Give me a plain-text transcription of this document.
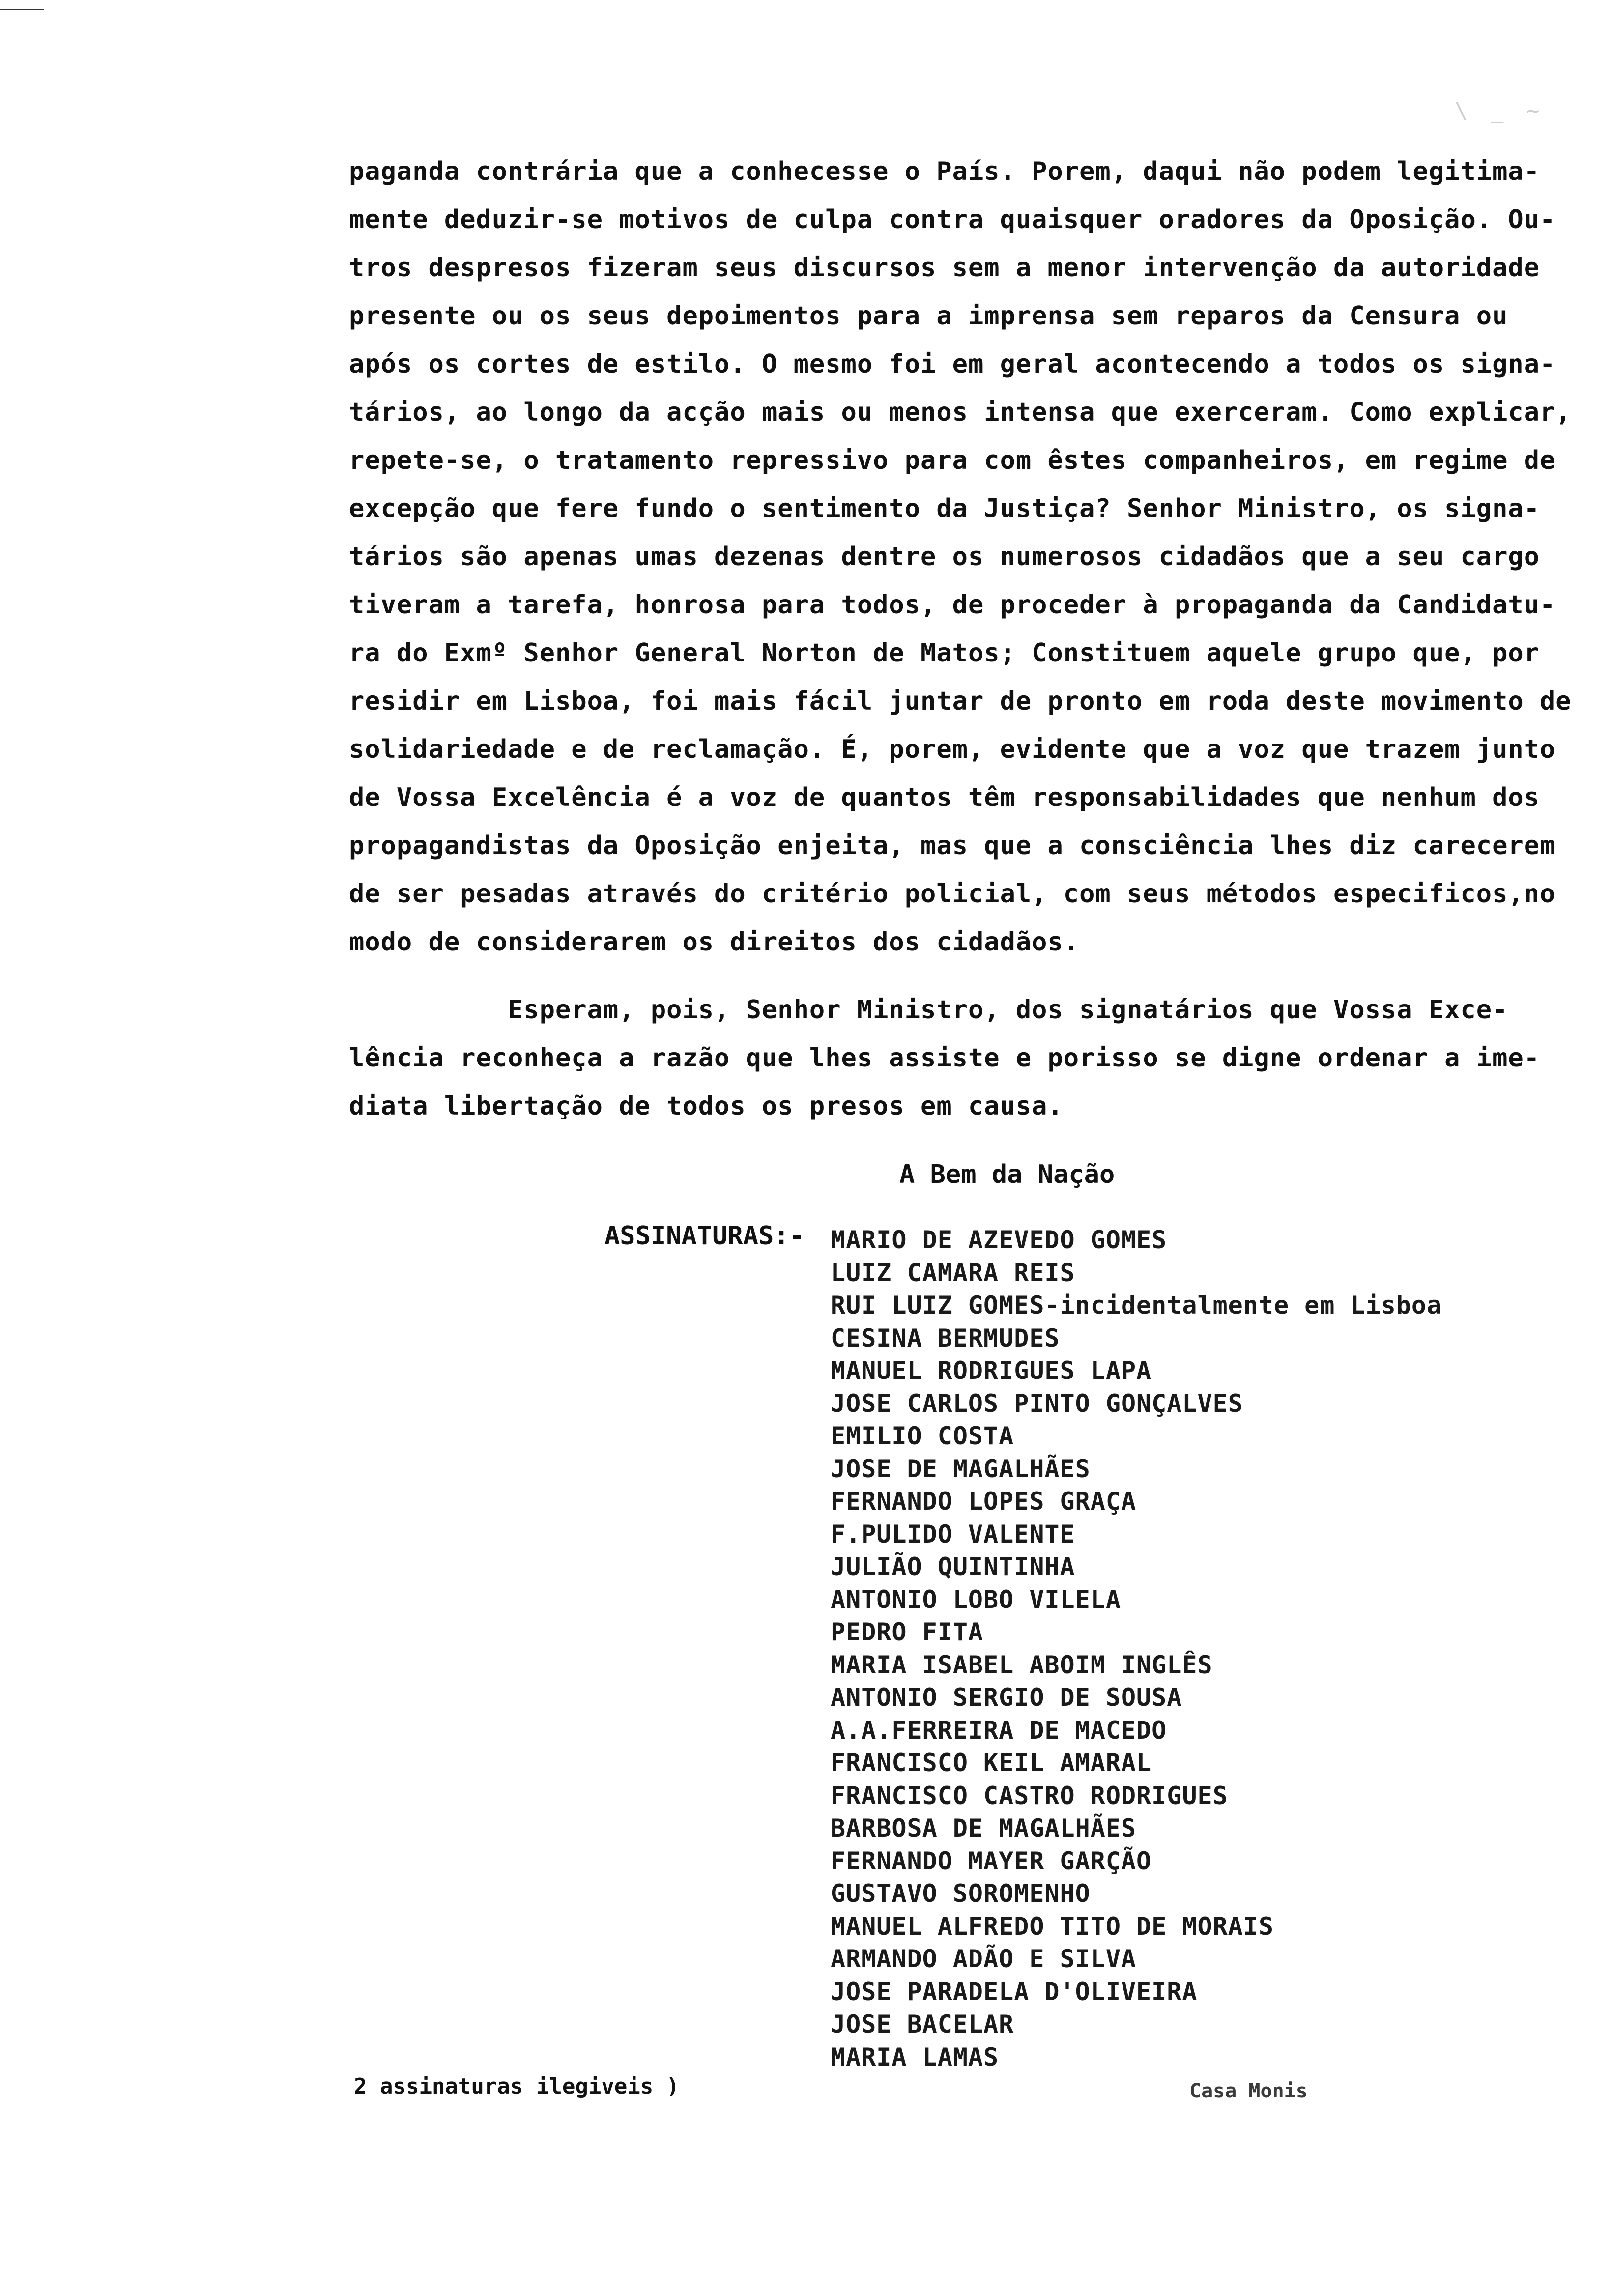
\ _ ~
paganda contrária que a conhecesse o País. Porem, daqui não podem legitima-
mente deduzir-se motivos de culpa contra quaisquer oradores da Oposição. Ou-
tros despresos fizeram seus discursos sem a menor intervenção da autoridade
presente ou os seus depoimentos para a imprensa sem reparos da Censura ou
após os cortes de estilo. O mesmo foi em geral acontecendo a todos os signa-
tários, ao longo da acção mais ou menos intensa que exerceram. Como explicar,
repete-se, o tratamento repressivo para com êstes companheiros, em regime de
excepção que fere fundo o sentimento da Justiça? Senhor Ministro, os signa-
tários são apenas umas dezenas dentre os numerosos cidadãos que a seu cargo
tiveram a tarefa, honrosa para todos, de proceder à propaganda da Candidatu-
ra do Exmº Senhor General Norton de Matos; Constituem aquele grupo que, por
residir em Lisboa, foi mais fácil juntar de pronto em roda deste movimento de
solidariedade e de reclamação. É, porem, evidente que a voz que trazem junto
de Vossa Excelência é a voz de quantos têm responsabilidades que nenhum dos
propagandistas da Oposição enjeita, mas que a consciência lhes diz carecerem
de ser pesadas através do critério policial, com seus métodos especificos,no
modo de considerarem os direitos dos cidadãos.
Esperam, pois, Senhor Ministro, dos signatários que Vossa Exce-
lência reconheça a razão que lhes assiste e porisso se digne ordenar a ime-
diata libertação de todos os presos em causa.
A Bem da Nação
ASSINATURAS:- MARIO DE AZEVEDO GOMES
LUIZ CAMARA REIS
RUI LUIZ GOMES-incidentalmente em Lisboa
CESINA BERMUDES
MANUEL RODRIGUES LAPA
JOSE CARLOS PINTO GONÇALVES
EMILIO COSTA
JOSE DE MAGALHÃES
FERNANDO LOPES GRAÇA
F.PULIDO VALENTE
JULIÃO QUINTINHA
ANTONIO LOBO VILELA
PEDRO FITA
MARIA ISABEL ABOIM INGLÊS
ANTONIO SERGIO DE SOUSA
A.A.FERREIRA DE MACEDO
FRANCISCO KEIL AMARAL
FRANCISCO CASTRO RODRIGUES
BARBOSA DE MAGALHÃES
FERNANDO MAYER GARÇÃO
GUSTAVO SOROMENHO
MANUEL ALFREDO TITO DE MORAIS
ARMANDO ADÃO E SILVA
JOSE PARADELA D'OLIVEIRA
JOSE BACELAR
MARIA LAMAS
2 assinaturas ilegiveis )	Casa Monis
